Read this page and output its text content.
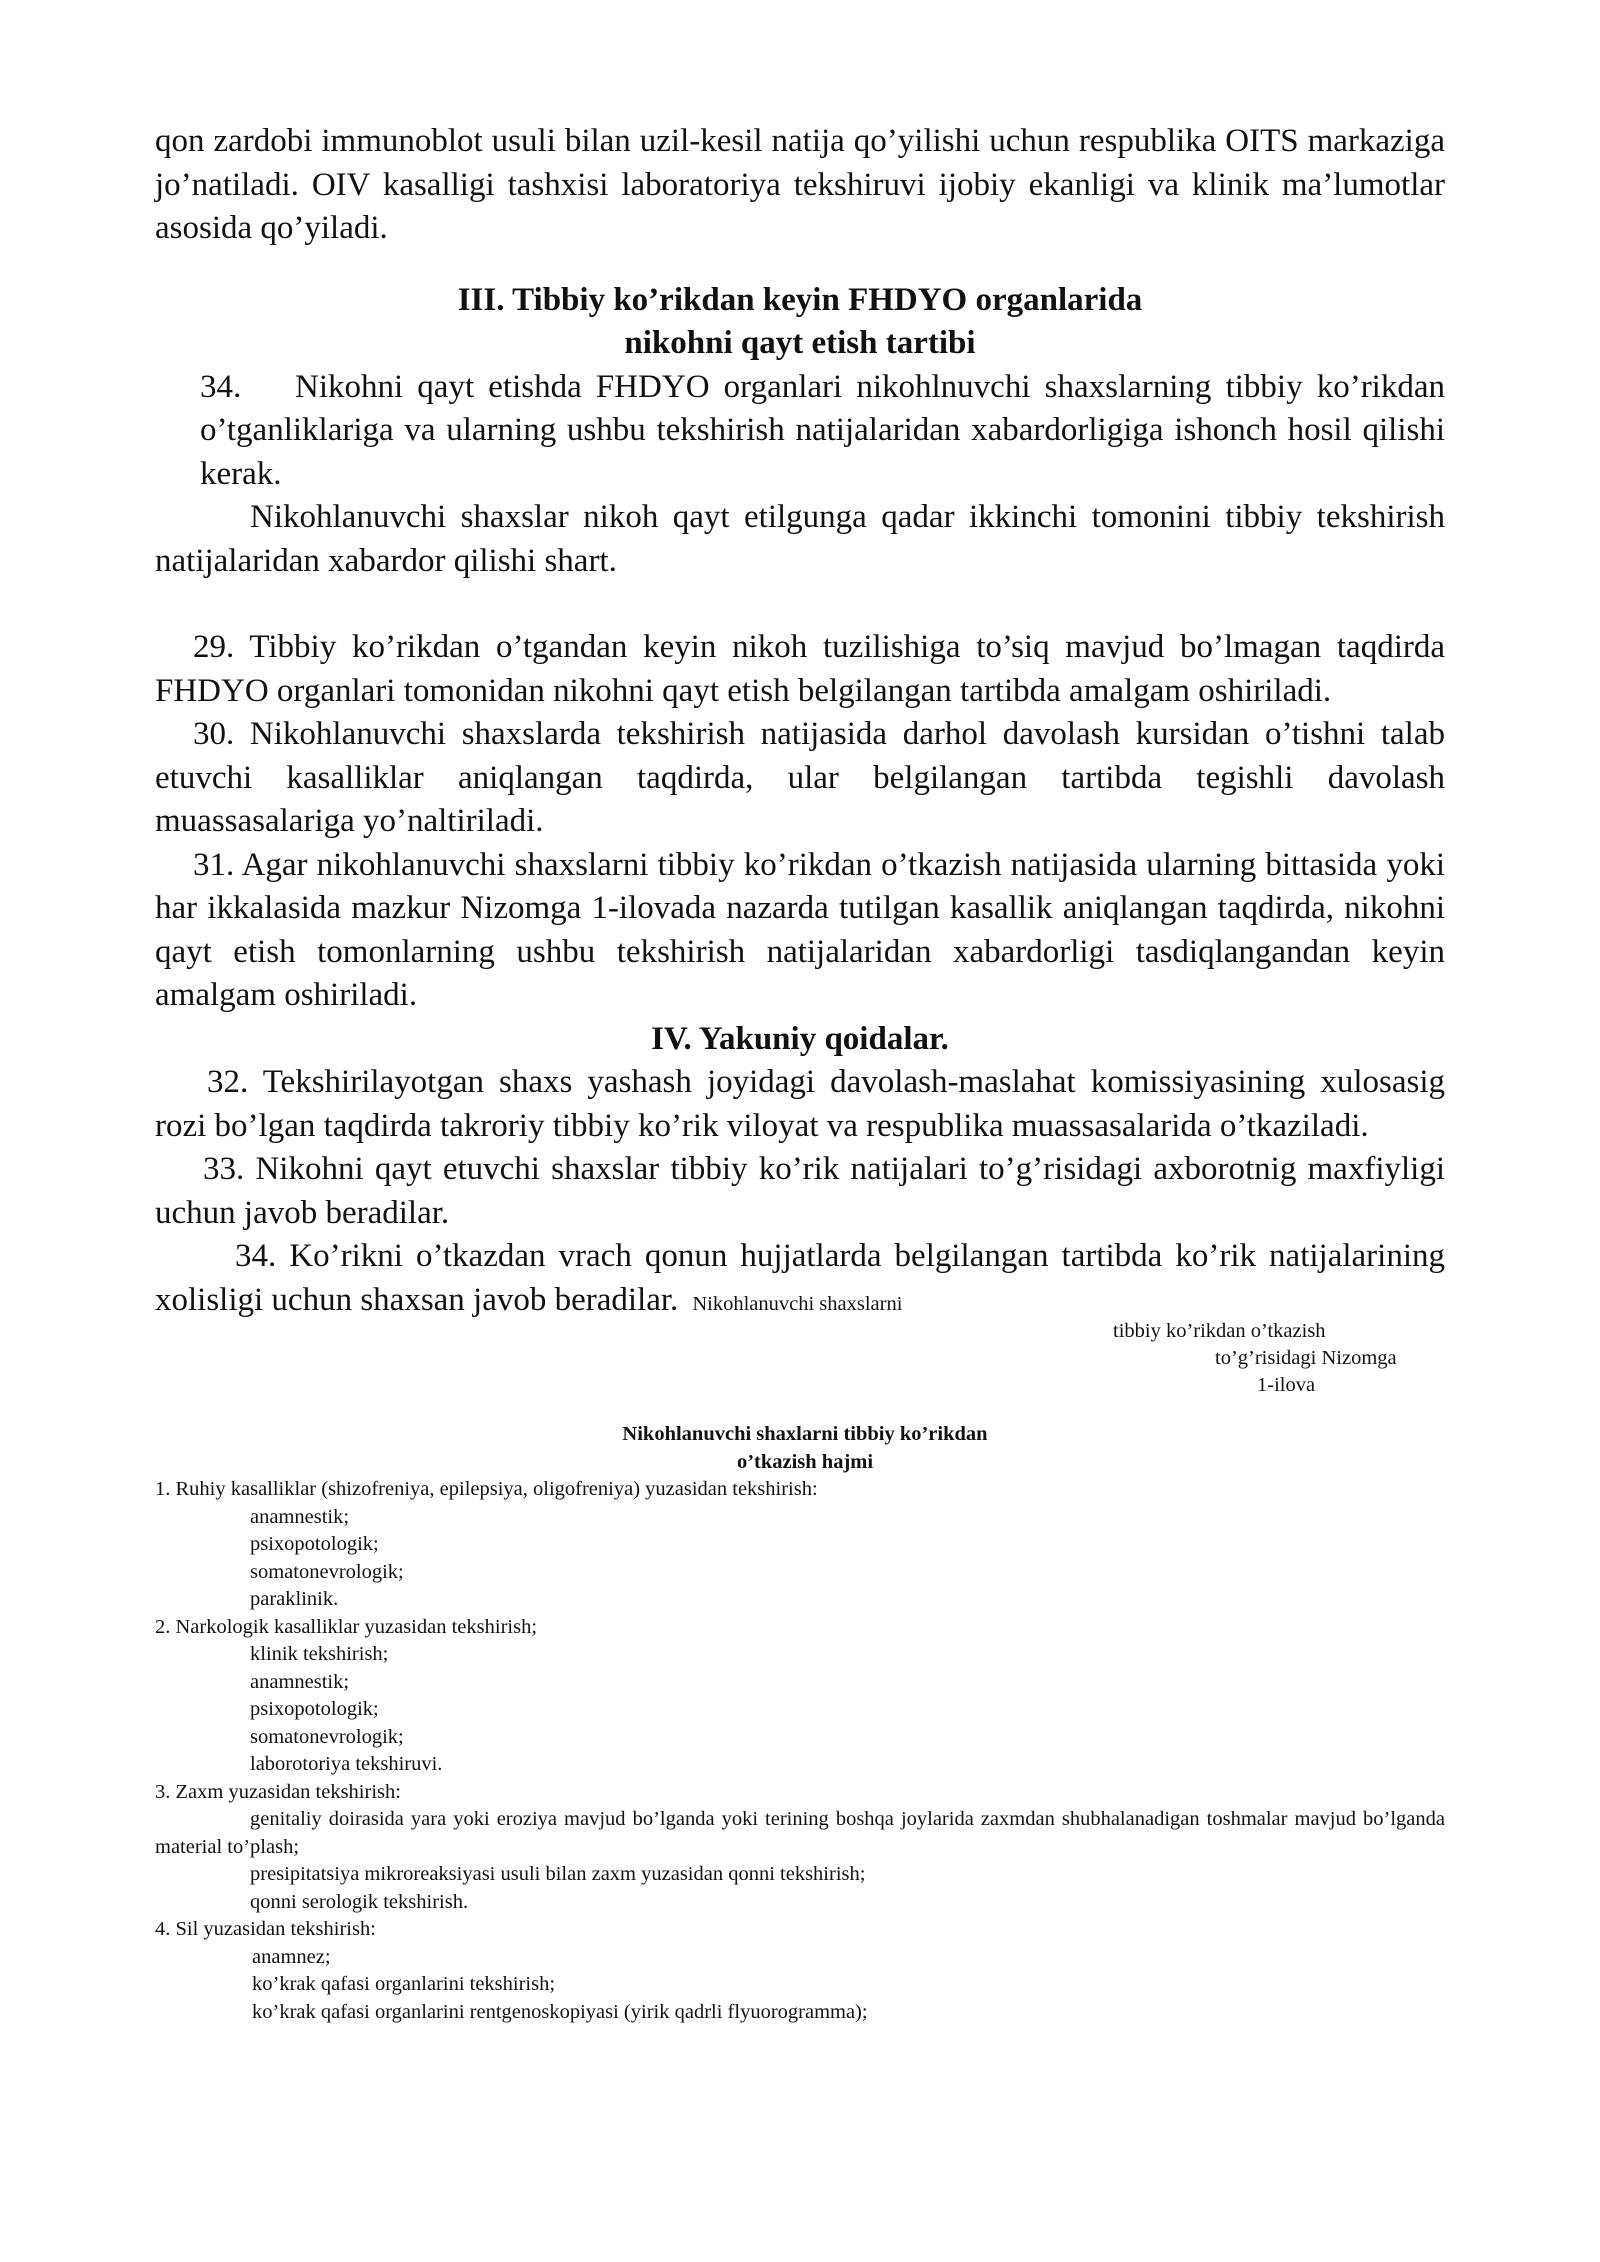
qon zardobi immunoblot usuli bilan uzil-kesil natija qo’yilishi uchun respublika OITS markaziga jo’natiladi. OIV kasalligi tashxisi laboratoriya tekshiruvi ijobiy ekanligi va klinik ma’lumotlar asosida qo’yiladi.

III. Tibbiy ko’rikdan keyin FHDYO organlarida

nikohni qayt etish tartibi

34. Nikohni qayt etishda FHDYO organlari nikohlnuvchi shaxslarning tibbiy ko’rikdan o’tganliklariga va ularning ushbu tekshirish natijalaridan xabardorligiga ishonch hosil qilishi kerak.

Nikohlanuvchi shaxslar nikoh qayt etilgunga qadar ikkinchi tomonini tibbiy tekshirish natijalaridan xabardor qilishi shart.

29. Tibbiy ko’rikdan o’tgandan keyin nikoh tuzilishiga to’siq mavjud bo’lmagan taqdirda FHDYO organlari tomonidan nikohni qayt etish belgilangan tartibda amalgam oshiriladi.

30. Nikohlanuvchi shaxslarda tekshirish natijasida darhol davolash kursidan o’tishni talab etuvchi kasalliklar aniqlangan taqdirda, ular belgilangan tartibda tegishli davolash muassasalariga yo’naltiriladi.

31. Agar nikohlanuvchi shaxslarni tibbiy ko’rikdan o’tkazish natijasida ularning bittasida yoki har ikkalasida mazkur Nizomga 1-ilovada nazarda tutilgan kasallik aniqlangan taqdirda, nikohni qayt etish tomonlarning ushbu tekshirish natijalaridan xabardorligi tasdiqlangandan keyin amalgam oshiriladi.

IV. Yakuniy qoidalar.

32. Tekshirilayotgan shaxs yashash joyidagi davolash-maslahat komissiyasining xulosasig rozi bo’lgan taqdirda takroriy tibbiy ko’rik viloyat va respublika muassasalarida o’tkaziladi.

33. Nikohni qayt etuvchi shaxslar tibbiy ko’rik natijalari to’g’risidagi axborotnig maxfiyligi uchun javob beradilar.

34. Ko’rikni o’tkazdan vrach qonun hujjatlarda belgilangan tartibda ko’rik natijalarining xolisligi uchun shaxsan javob beradilar. Nikohlanuvchi shaxslarni

tibbiy ko’rikdan o’tkazish
to’g’risidagi Nizomga
1-ilova
Nikohlanuvchi shaxlarni tibbiy ko’rikdan
o’tkazish hajmi
1. Ruhiy kasalliklar (shizofreniya, epilepsiya, oligofreniya) yuzasidan tekshirish:
anamnestik;
psixopotologik;
somatonevrologik;
paraklinik.
2. Narkologik kasalliklar yuzasidan tekshirish;
klinik tekshirish;
anamnestik;
psixopotologik;
somatonevrologik;
laborotoriya tekshiruvi.
3. Zaxm yuzasidan tekshirish:
genitaliy doirasida yara yoki eroziya mavjud bo’lganda yoki terining boshqa joylarida zaxmdan shubhalanadigan toshmalar mavjud bo’lganda material to’plash;
presipitatsiya mikroreaksiyasi usuli bilan zaxm yuzasidan qonni tekshirish;
qonni serologik tekshirish.
4. Sil yuzasidan tekshirish:
anamnez;
ko’krak qafasi organlarini tekshirish;
ko’krak qafasi organlarini rentgenoskopiyasi (yirik qadrli flyuorogramma);
